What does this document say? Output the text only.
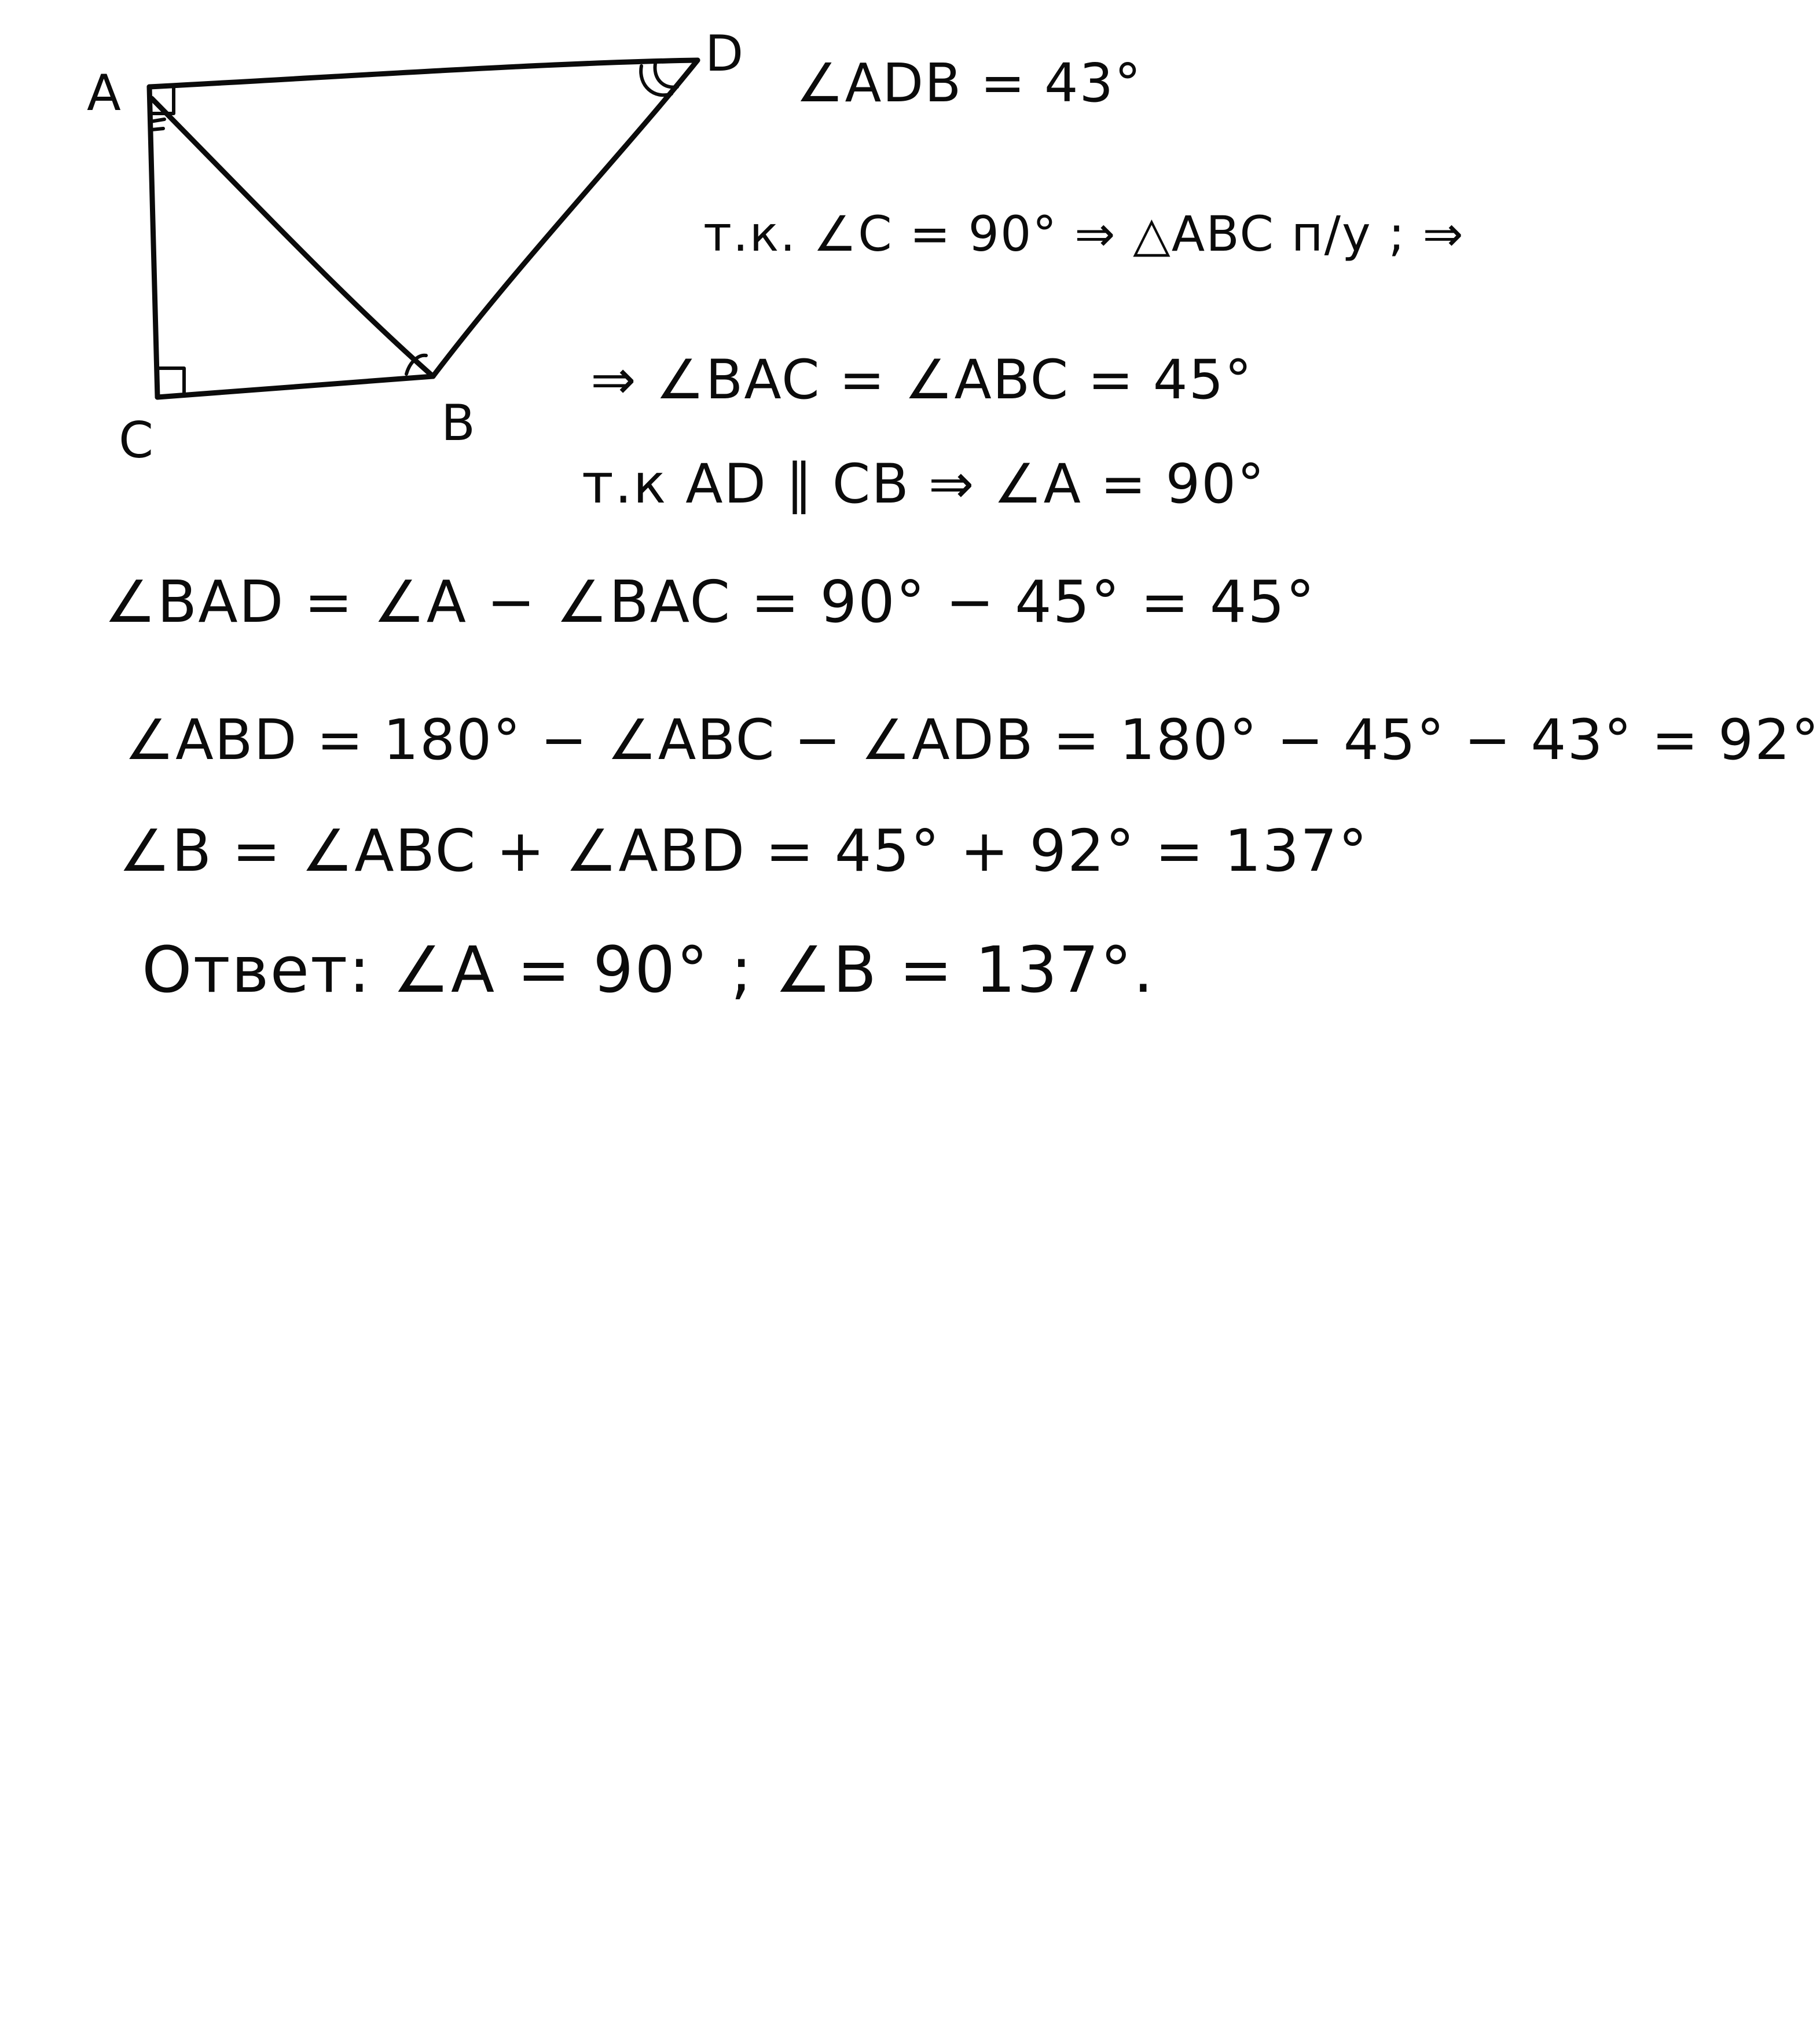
A
D
C	B
∠ADB = 43°
т.к. ∠C = 90° ⇒ △ABC п/у ; ⇒
⇒ ∠BAC = ∠ABC = 45°
т.к AD ∥ CB ⇒ ∠A = 90°
∠BAD = ∠A − ∠BAC = 90° − 45° = 45°
∠ABD = 180° − ∠ABC − ∠ADB = 180° − 45° − 43° = 92°
∠B = ∠ABC + ∠ABD = 45° + 92° = 137°
Ответ: ∠A = 90° ; ∠B = 137°.
